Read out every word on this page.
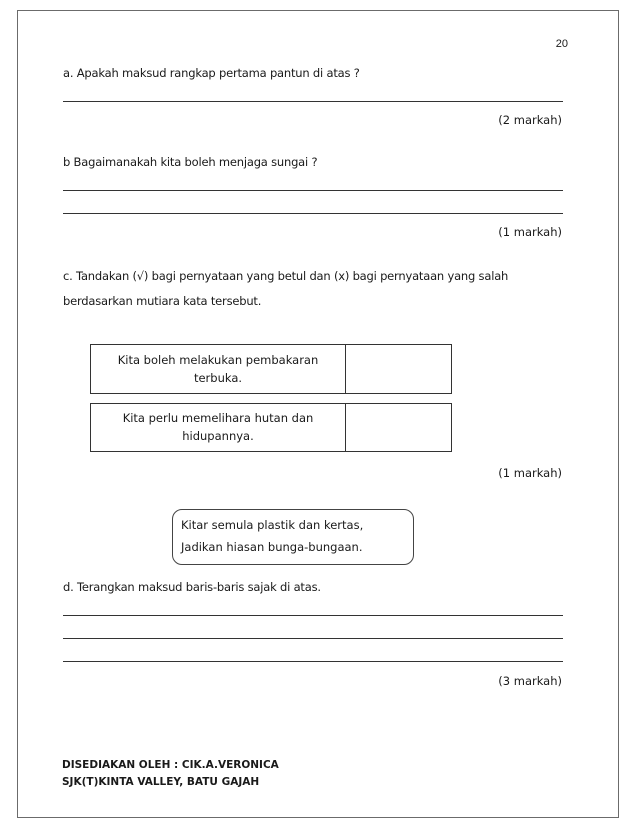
20
a. Apakah maksud rangkap pertama pantun di atas ?
(2 markah)
b Bagaimanakah kita boleh menjaga sungai ?
(1 markah)
c. Tandakan (√) bagi pernyataan yang betul dan (x) bagi pernyataan yang salah
berdasarkan mutiara kata tersebut.
Kita boleh melakukan pembakaran
terbuka.
Kita perlu memelihara hutan dan
hidupannya.
(1 markah)
Kitar semula plastik dan kertas,
Jadikan hiasan bunga-bungaan.
d. Terangkan maksud baris-baris sajak di atas.
(3 markah)
DISEDIAKAN OLEH : CIK.A.VERONICA
SJK(T)KINTA VALLEY, BATU GAJAH
